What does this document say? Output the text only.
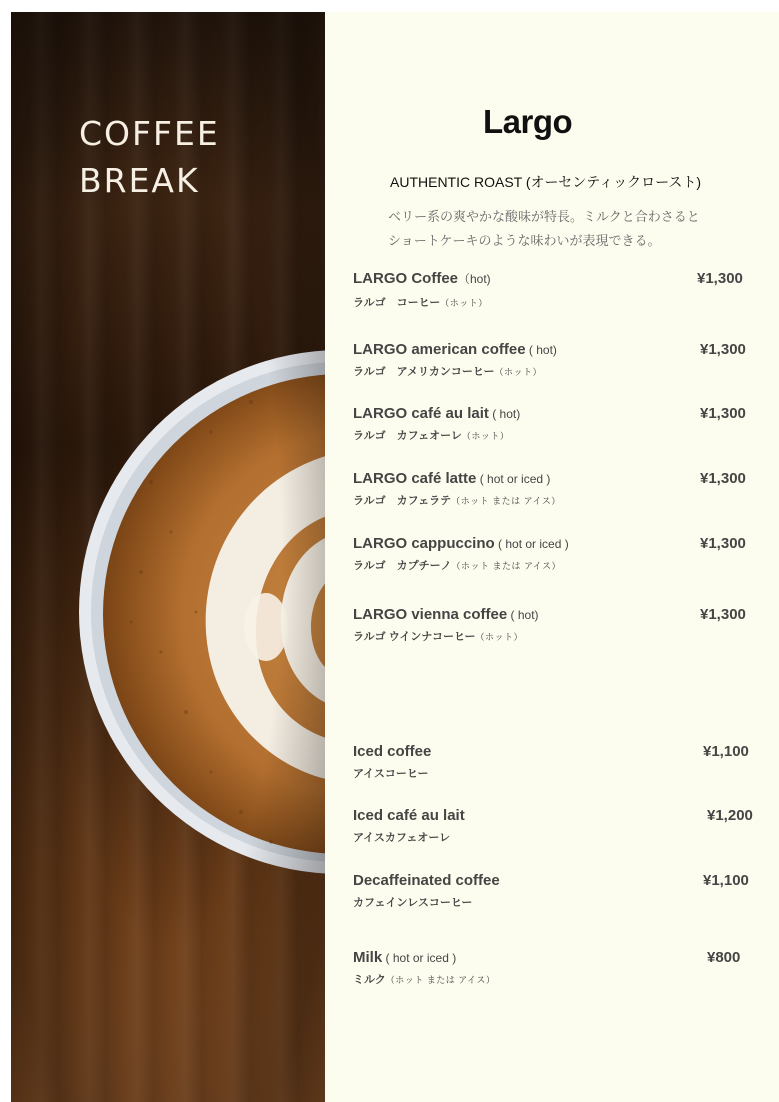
COFFEE
BREAK
Largo
AUTHENTIC ROAST (オーセンティックロースト)
ベリー系の爽やかな酸味が特長。ミルクと合わさると
ショートケーキのような味わいが表現できる。
LARGO Coffee（hot)
ラルゴ　コーヒー（ホット）
¥1,300
LARGO american coffee ( hot)
ラルゴ　アメリカンコーヒー（ホット）
¥1,300
LARGO café au lait ( hot)
ラルゴ　カフェオーレ（ホット）
¥1,300
LARGO café latte ( hot or iced )
ラルゴ　カフェラテ（ホット または アイス）
¥1,300
LARGO cappuccino ( hot or iced )
ラルゴ　カプチーノ（ホット または アイス）
¥1,300
LARGO vienna coffee ( hot)
ラルゴ ウインナコーヒー（ホット）
¥1,300
Iced coffee
アイスコーヒー
¥1,100
Iced café au lait
アイスカフェオーレ
¥1,200
Decaffeinated coffee
カフェインレスコーヒー
¥1,100
Milk ( hot or iced )
ミルク（ホット または アイス）
¥800
